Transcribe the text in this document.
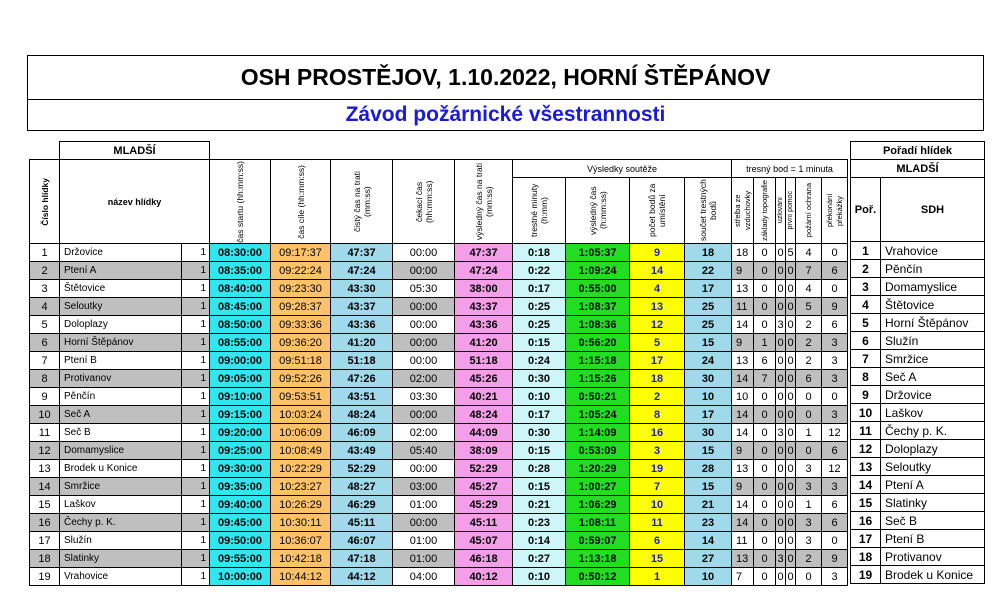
OSH PROSTĚJOV, 1.10.2022, HORNÍ ŠTĚPÁNOV
Závod požárnické všestrannosti
	MLADŠÍ																

Číslo hlídky	název hlídky		čas startu (hh:mm:ss)	čas cíle (hh:mm:ss)	čistý čas na trati (mm:ss)	čekací čas (hh:mm:ss)	výsledný čas na trati (mm:ss)	Výsledky soutěže				tresný bod = 1 minuta					

								trestné minuty (h:mm)	výsledný čas (h:mm:ss)	počet bodů za umístění	součet trestných bodů	střelba ze vzduchovky	základy topografie	uzlování	první pomoc	požární ochrana	překonání překážky

1	Držovice	1	08:30:00	09:17:37	47:37	00:00	47:37	0:18	1:05:37	9	18	18	0	0	5	4	0
2	Ptení A	1	08:35:00	09:22:24	47:24	00:00	47:24	0:22	1:09:24	14	22	9	0	0	0	7	6
3	Štětovice	1	08:40:00	09:23:30	43:30	05:30	38:00	0:17	0:55:00	4	17	13	0	0	0	4	0
4	Seloutky	1	08:45:00	09:28:37	43:37	00:00	43:37	0:25	1:08:37	13	25	11	0	0	0	5	9
5	Doloplazy	1	08:50:00	09:33:36	43:36	00:00	43:36	0:25	1:08:36	12	25	14	0	3	0	2	6
6	Horní Štěpánov	1	08:55:00	09:36:20	41:20	00:00	41:20	0:15	0:56:20	5	15	9	1	0	0	2	3
7	Ptení B	1	09:00:00	09:51:18	51:18	00:00	51:18	0:24	1:15:18	17	24	13	6	0	0	2	3
8	Protivanov	1	09:05:00	09:52:26	47:26	02:00	45:26	0:30	1:15:26	18	30	14	7	0	0	6	3
9	Pěnčín	1	09:10:00	09:53:51	43:51	03:30	40:21	0:10	0:50:21	2	10	10	0	0	0	0	0
10	Seč A	1	09:15:00	10:03:24	48:24	00:00	48:24	0:17	1:05:24	8	17	14	0	0	0	0	3
11	Seč B	1	09:20:00	10:06:09	46:09	02:00	44:09	0:30	1:14:09	16	30	14	0	3	0	1	12
12	Domamyslice	1	09:25:00	10:08:49	43:49	05:40	38:09	0:15	0:53:09	3	15	9	0	0	0	0	6
13	Brodek u Konice	1	09:30:00	10:22:29	52:29	00:00	52:29	0:28	1:20:29	19	28	13	0	0	0	3	12
14	Smržice	1	09:35:00	10:23:27	48:27	03:00	45:27	0:15	1:00:27	7	15	9	0	0	0	3	3
15	Laškov	1	09:40:00	10:26:29	46:29	01:00	45:29	0:21	1:06:29	10	21	14	0	0	0	1	6
16	Čechy p. K.	1	09:45:00	10:30:11	45:11	00:00	45:11	0:23	1:08:11	11	23	14	0	0	0	3	6
17	Služín	1	09:50:00	10:36:07	46:07	01:00	45:07	0:14	0:59:07	6	14	11	0	0	0	3	0
18	Slatinky	1	09:55:00	10:42:18	47:18	01:00	46:18	0:27	1:13:18	15	27	13	0	3	0	2	9
19	Vrahovice	1	10:00:00	10:44:12	44:12	04:00	40:12	0:10	0:50:12	1	10	7	0	0	0	0	3
Pořadí hlídek	
MLADŠÍ	
Poř.	SDH
1	Vrahovice
2	Pěnčín
3	Domamyslice
4	Štětovice
5	Horní Štěpánov
6	Služín
7	Smržice
8	Seč A
9	Držovice
10	Laškov
11	Čechy p. K.
12	Doloplazy
13	Seloutky
14	Ptení A
15	Slatinky
16	Seč B
17	Ptení B
18	Protivanov
19	Brodek u Konice
